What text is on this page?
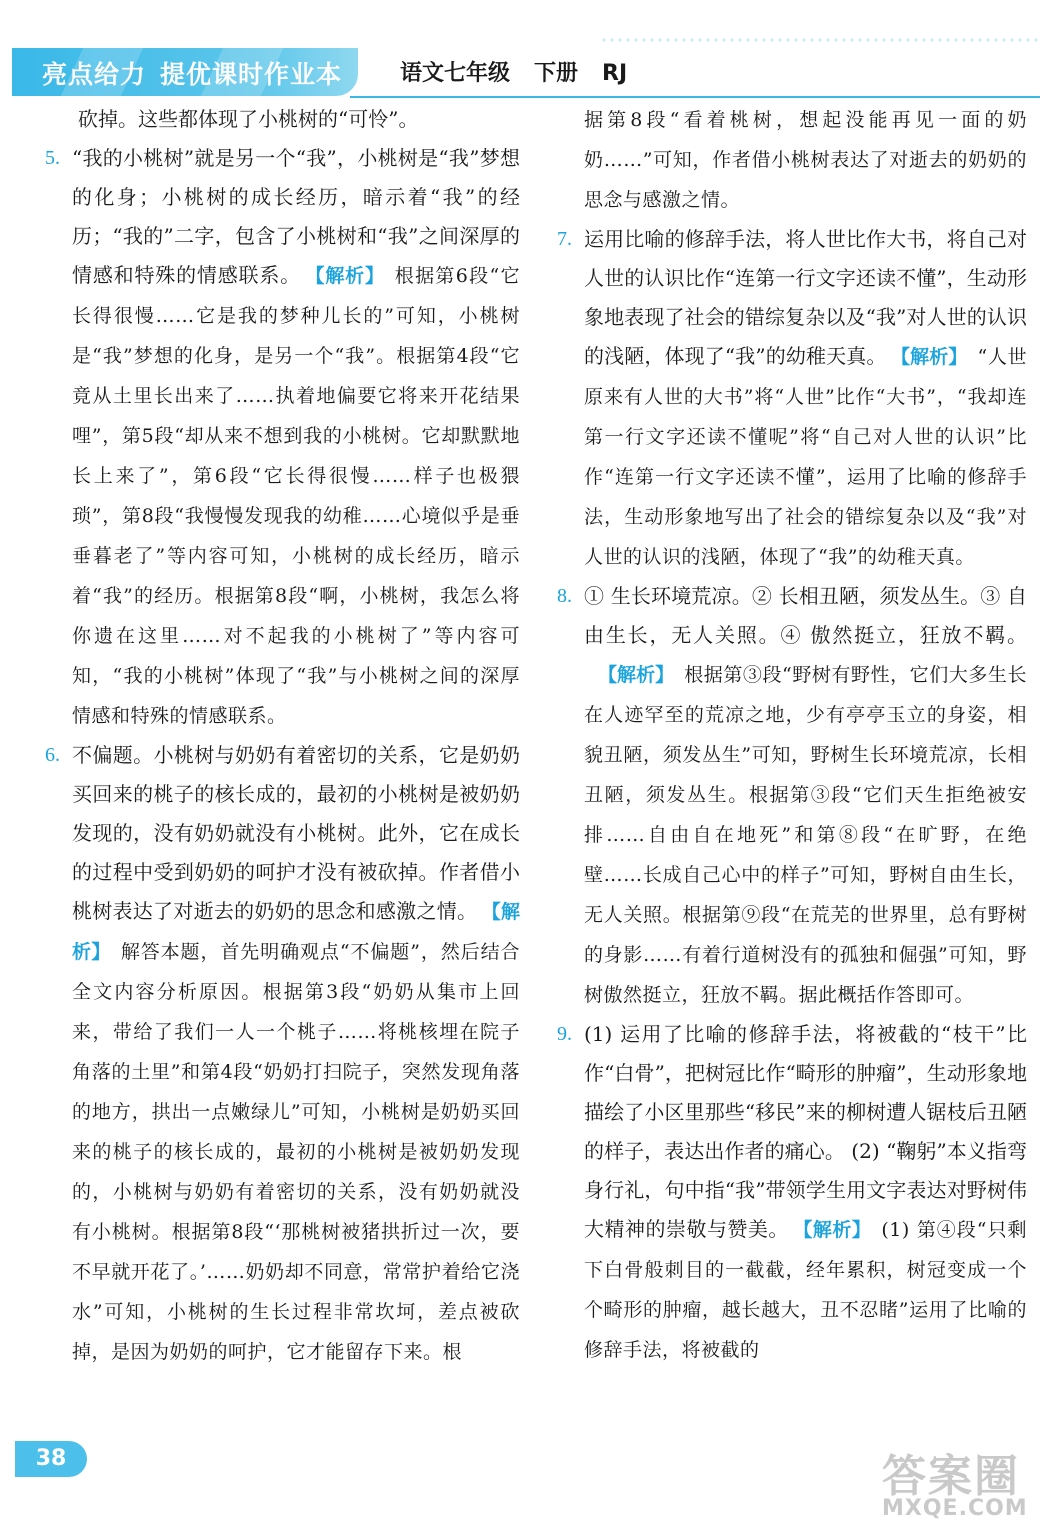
亮点给力 提优课时作业本	语文七年级 下册 RJ
砍掉。这些都体现了小桃树的“可怜”。
5. “我的小桃树”就是另一个“我”，小桃树是“我”梦想的化身；小桃树的成长经历，暗示着“我”的经历；“我的”二字，包含了小桃树和“我”之间深厚的情感和特殊的情感联系。 【解析】 根据第6段“它长得很慢……它是我的梦种儿长的”可知，小桃树是“我”梦想的化身，是另一个“我”。根据第4段“它竟从土里长出来了……执着地偏要它将来开花结果哩”，第5段“却从来不想到我的小桃树。它却默默地长上来了”，第6段“它长得很慢……样子也极猥琐”，第8段“我慢慢发现我的幼稚……心境似乎是垂垂暮老了”等内容可知，小桃树的成长经历，暗示着“我”的经历。根据第8段“啊，小桃树，我怎么将你遗在这里……对不起我的小桃树了”等内容可知，“我的小桃树”体现了“我”与小桃树之间的深厚情感和特殊的情感联系。
6. 不偏题。小桃树与奶奶有着密切的关系，它是奶奶买回来的桃子的核长成的，最初的小桃树是被奶奶发现的，没有奶奶就没有小桃树。此外，它在成长的过程中受到奶奶的呵护才没有被砍掉。作者借小桃树表达了对逝去的奶奶的思念和感激之情。 【解析】 解答本题，首先明确观点“不偏题”，然后结合全文内容分析原因。根据第3段“奶奶从集市上回来，带给了我们一人一个桃子……将桃核埋在院子角落的土里”和第4段“奶奶打扫院子，突然发现角落的地方，拱出一点嫩绿儿”可知，小桃树是奶奶买回来的桃子的核长成的，最初的小桃树是被奶奶发现的，小桃树与奶奶有着密切的关系，没有奶奶就没有小桃树。根据第8段“‘那桃树被猪拱折过一次，要不早就开花了。’……奶奶却不同意，常常护着给它浇水”可知，小桃树的生长过程非常坎坷，差点被砍掉，是因为奶奶的呵护，它才能留存下来。根
据第8段“看着桃树，想起没能再见一面的奶奶……”可知，作者借小桃树表达了对逝去的奶奶的思念与感激之情。
7. 运用比喻的修辞手法，将人世比作大书，将自己对人世的认识比作“连第一行文字还读不懂”，生动形象地表现了社会的错综复杂以及“我”对人世的认识的浅陋，体现了“我”的幼稚天真。 【解析】 “人世原来有人世的大书”将“人世”比作“大书”，“我却连第一行文字还读不懂呢”将“自己对人世的认识”比作“连第一行文字还读不懂”，运用了比喻的修辞手法，生动形象地写出了社会的错综复杂以及“我”对人世的认识的浅陋，体现了“我”的幼稚天真。
8. ① 生长环境荒凉。② 长相丑陋，须发丛生。③ 自由生长，无人关照。④ 傲然挺立，狂放不羁。【解析】 根据第③段“野树有野性，它们大多生长在人迹罕至的荒凉之地，少有亭亭玉立的身姿，相貌丑陋，须发丛生”可知，野树生长环境荒凉，长相丑陋，须发丛生。根据第③段“它们天生拒绝被安排……自由自在地死”和第⑧段“在旷野，在绝壁……长成自己心中的样子”可知，野树自由生长，无人关照。根据第⑨段“在荒芜的世界里，总有野树的身影……有着行道树没有的孤独和倔强”可知，野树傲然挺立，狂放不羁。据此概括作答即可。
9. (1) 运用了比喻的修辞手法，将被截的“枝干”比作“白骨”，把树冠比作“畸形的肿瘤”，生动形象地描绘了小区里那些“移民”来的柳树遭人锯枝后丑陋的样子，表达出作者的痛心。 (2) “鞠躬”本义指弯身行礼，句中指“我”带领学生用文字表达对野树伟大精神的崇敬与赞美。 【解析】 (1) 第④段“只剩下白骨般刺目的一截截，经年累积，树冠变成一个个畸形的肿瘤，越长越大，丑不忍睹”运用了比喻的修辞手法，将被截的
38	答案圈
MXQE.COM
